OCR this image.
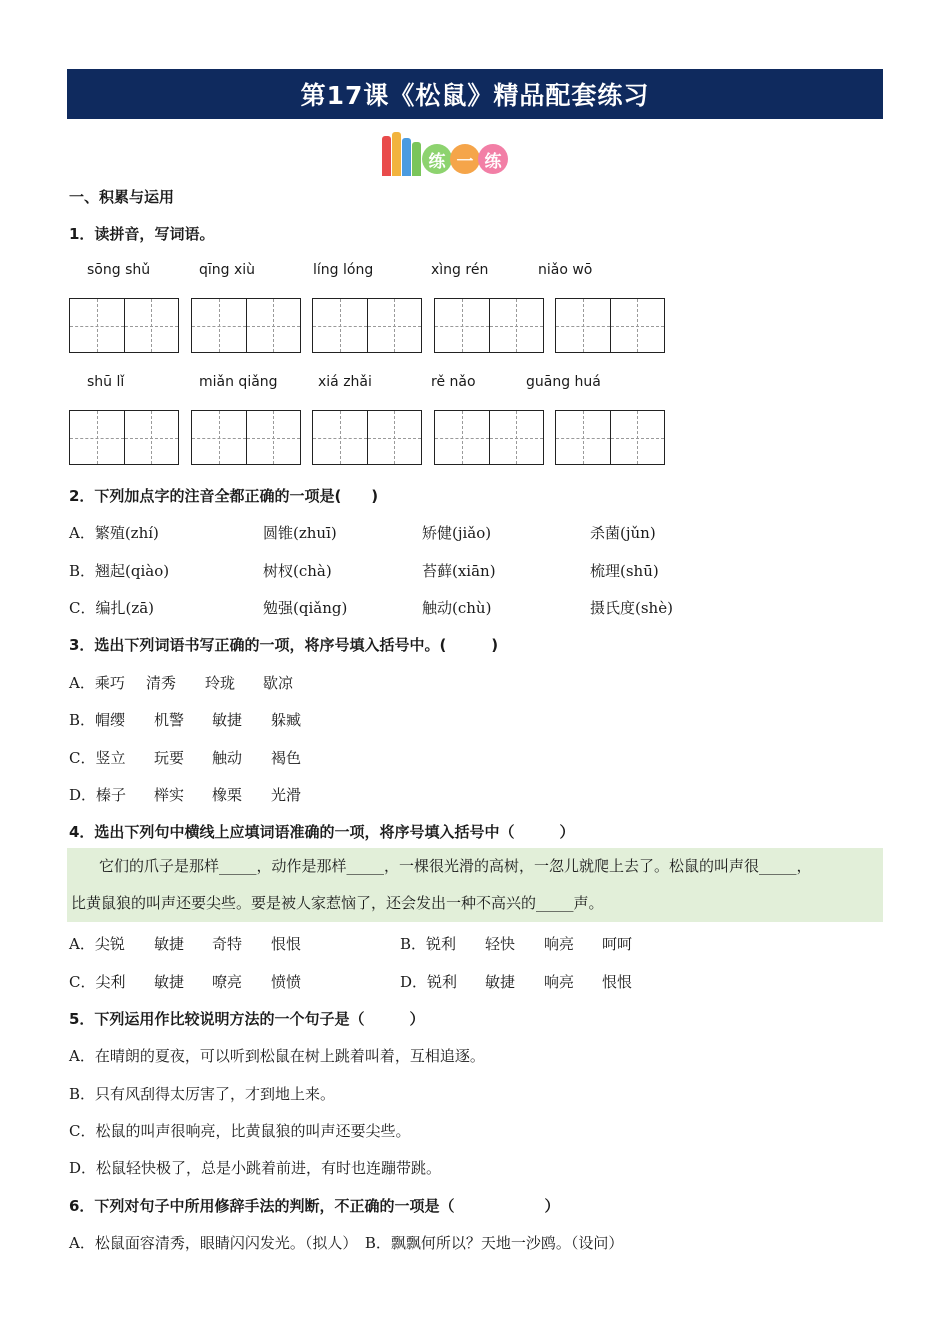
第17课《松鼠》精品配套练习
练 一 练
一、积累与运用
1．读拼音，写词语。
sōng shǔ	qīng xiù	líng lóng	xìng rén	niǎo wō
shū lǐ	miǎn qiǎng	xiá zhǎi	rě nǎo	guāng huá
2．下列加点字的注音全都正确的一项是(　　)
A．繁殖(zhí)	圆锥(zhuī)	矫健(jiǎo)	杀菌(jǔn)
B．翘起(qiào)	树杈(chà)	苔藓(xiān)	梳理(shū)
C．编扎(zā)	勉强(qiǎng)	触动(chù)	摄氏度(shè)
3．选出下列词语书写正确的一项，将序号填入括号中。(　　　)
A．乘巧 清秀 玲珑 歇凉
B．帽缨 机警 敏捷 躲臧
C．竖立 玩要 触动 褐色
D．榛子 榉实 橡栗 光滑
4．选出下列句中横线上应填词语准确的一项，将序号填入括号中（　　　）

它们的爪子是那样_____，动作是那样_____，一棵很光滑的高树，一忽儿就爬上去了。松鼠的叫声很_____，

比黄鼠狼的叫声还要尖些。要是被人家惹恼了，还会发出一种不高兴的_____声。

A．尖锐 敏捷 奇特 恨恨	B．锐利 轻快 响亮 呵呵
C．尖利 敏捷 嘹亮 愤愤	D．锐利 敏捷 响亮 恨恨
5．下列运用作比较说明方法的一个句子是（　　　）
A．在晴朗的夏夜，可以听到松鼠在树上跳着叫着，互相追逐。
B．只有风刮得太厉害了，才到地上来。
C．松鼠的叫声很响亮，比黄鼠狼的叫声还要尖些。
D．松鼠轻快极了，总是小跳着前进，有时也连蹦带跳。
6．下列对句子中所用修辞手法的判断，不正确的一项是（　　　　　　）
A．松鼠面容清秀，眼睛闪闪发光。（拟人）　B．飘飘何所以？天地一沙鸥。（设问）
